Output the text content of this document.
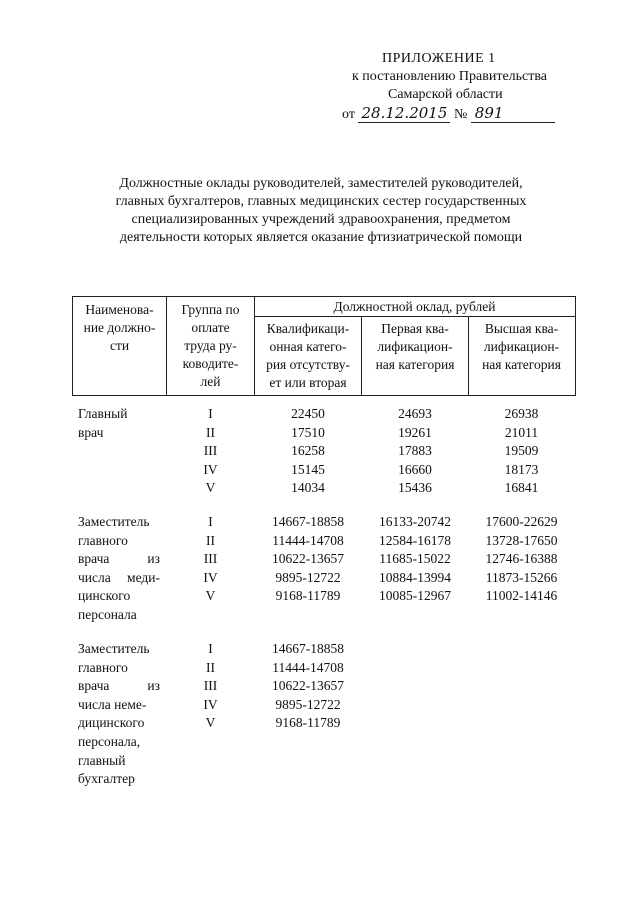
ПРИЛОЖЕНИЕ 1
к постановлению Правительства
Самарской области
от 28.12.2015 № 891
Должностные оклады руководителей, заместителей руководителей,
главных бухгалтеров, главных медицинских сестер государственных
специализированных учреждений здравоохранения, предметом
деятельности которых является оказание фтизиатрической помощи
Наименова-
ние должно-
сти
Группа по
оплате
труда ру-
ководите-
лей
Должностной оклад, рублей
Квалификаци-
онная катего-
рия отсутству-
ет или вторая
Первая ква-
лификацион-
ная категория
Высшая ква-
лификацион-
ная категория
Главный
врач
I
II
III
IV
V
22450
17510
16258
15145
14034
24693
19261
17883
16660
15436
26938
21011
19509
18173
16841
Заместитель
главного
врача из
числа меди-
цинского
персонала
I
II
III
IV
V
14667-18858
11444-14708
10622-13657
9895-12722
9168-11789
16133-20742
12584-16178
11685-15022
10884-13994
10085-12967
17600-22629
13728-17650
12746-16388
11873-15266
11002-14146
Заместитель
главного
врача из
числа неме-
дицинского
персонала,
главный
бухгалтер
I
II
III
IV
V
14667-18858
11444-14708
10622-13657
9895-12722
9168-11789
